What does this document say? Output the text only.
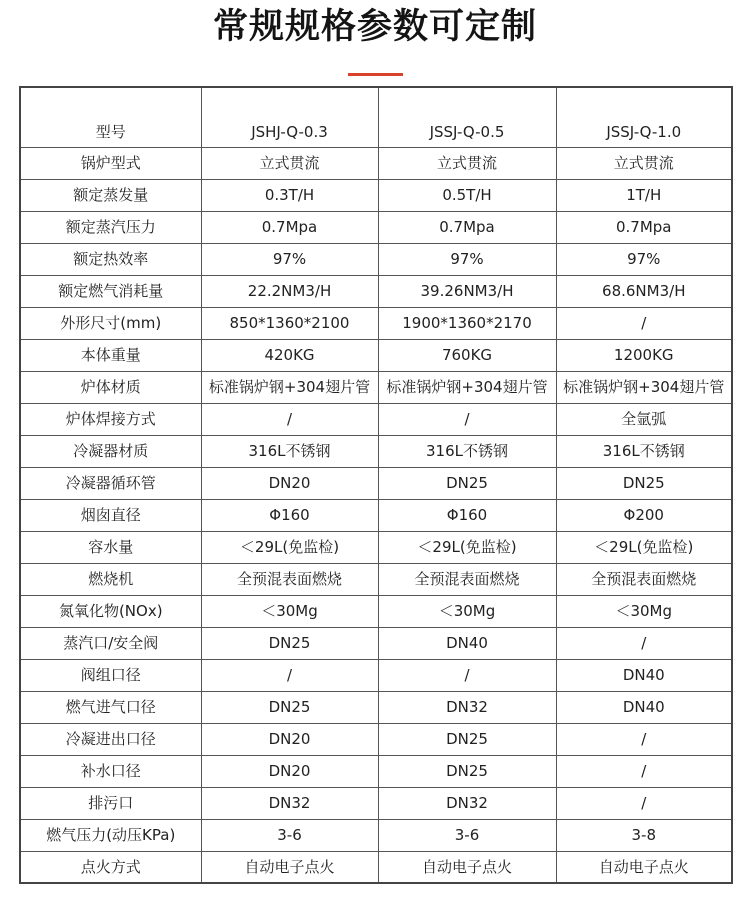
常规规格参数可定制
型号	JSHJ-Q-0.3	JSSJ-Q-0.5	JSSJ-Q-1.0
锅炉型式	立式贯流	立式贯流	立式贯流
额定蒸发量	0.3T/H	0.5T/H	1T/H
额定蒸汽压力	0.7Mpa	0.7Mpa	0.7Mpa
额定热效率	97%	97%	97%
额定燃气消耗量	22.2NM3/H	39.26NM3/H	68.6NM3/H
外形尺寸(mm)	850*1360*2100	1900*1360*2170	/
本体重量	420KG	760KG	1200KG
炉体材质	标准锅炉钢+304翅片管	标准锅炉钢+304翅片管	标准锅炉钢+304翅片管
炉体焊接方式	/	/	全氩弧
冷凝器材质	316L不锈钢	316L不锈钢	316L不锈钢
冷凝器循环管	DN20	DN25	DN25
烟囱直径	Φ160	Φ160	Φ200
容水量	＜29L(免监检)	＜29L(免监检)	＜29L(免监检)
燃烧机	全预混表面燃烧	全预混表面燃烧	全预混表面燃烧
氮氧化物(NOx)	＜30Mg	＜30Mg	＜30Mg
蒸汽口/安全阀	DN25	DN40	/
阀组口径	/	/	DN40
燃气进气口径	DN25	DN32	DN40
冷凝进出口径	DN20	DN25	/
补水口径	DN20	DN25	/
排污口	DN32	DN32	/
燃气压力(动压KPa)	3-6	3-6	3-8
点火方式	自动电子点火	自动电子点火	自动电子点火
